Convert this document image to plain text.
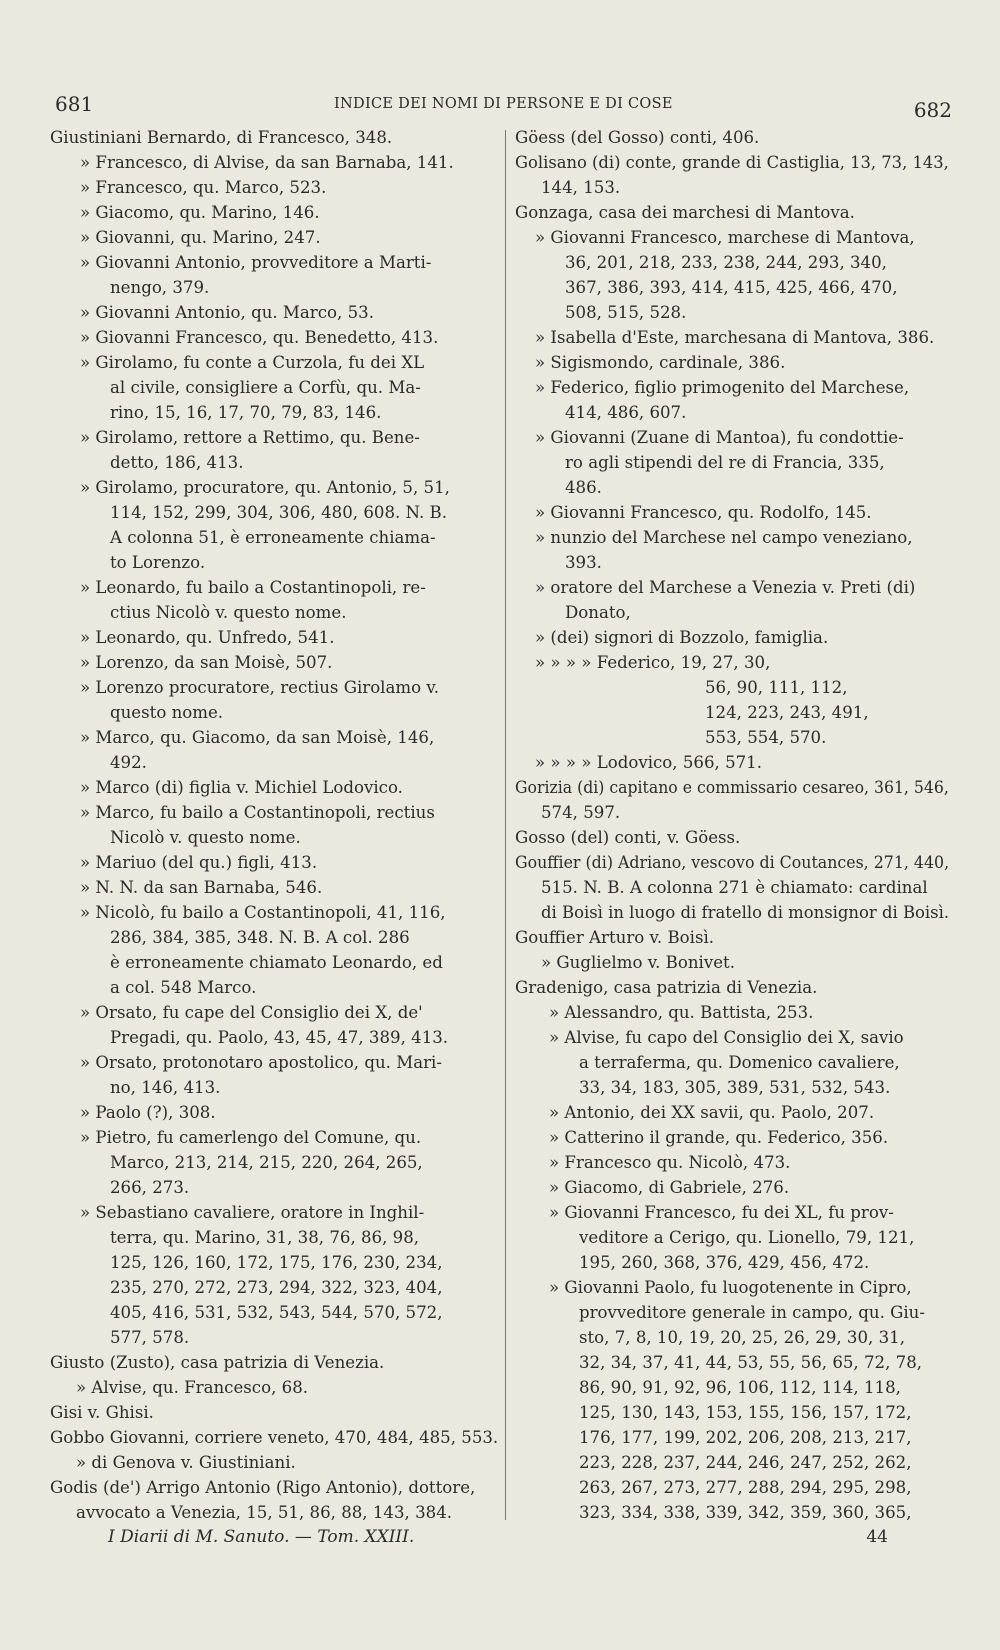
681	INDICE DEI NOMI DI PERSONE E DI COSE	682
Giustiniani Bernardo, di Francesco, 348.
» Francesco, di Alvise, da san Barnaba, 141.
» Francesco, qu. Marco, 523.
» Giacomo, qu. Marino, 146.
» Giovanni, qu. Marino, 247.
» Giovanni Antonio, provveditore a Marti-
nengo, 379.
» Giovanni Antonio, qu. Marco, 53.
» Giovanni Francesco, qu. Benedetto, 413.
» Girolamo, fu conte a Curzola, fu dei XL
al civile, consigliere a Corfù, qu. Ma-
rino, 15, 16, 17, 70, 79, 83, 146.
» Girolamo, rettore a Rettimo, qu. Bene-
detto, 186, 413.
» Girolamo, procuratore, qu. Antonio, 5, 51,
114, 152, 299, 304, 306, 480, 608. N. B.
A colonna 51, è erroneamente chiama-
to Lorenzo.
» Leonardo, fu bailo a Costantinopoli, re-
ctius Nicolò v. questo nome.
» Leonardo, qu. Unfredo, 541.
» Lorenzo, da san Moisè, 507.
» Lorenzo procuratore, rectius Girolamo v.
questo nome.
» Marco, qu. Giacomo, da san Moisè, 146,
492.
» Marco (di) figlia v. Michiel Lodovico.
» Marco, fu bailo a Costantinopoli, rectius
Nicolò v. questo nome.
» Mariuo (del qu.) figli, 413.
» N. N. da san Barnaba, 546.
» Nicolò, fu bailo a Costantinopoli, 41, 116,
286, 384, 385, 348. N. B. A col. 286
è erroneamente chiamato Leonardo, ed
a col. 548 Marco.
» Orsato, fu cape del Consiglio dei X, de'
Pregadi, qu. Paolo, 43, 45, 47, 389, 413.
» Orsato, protonotaro apostolico, qu. Mari-
no, 146, 413.
» Paolo (?), 308.
» Pietro, fu camerlengo del Comune, qu.
Marco, 213, 214, 215, 220, 264, 265,
266, 273.
» Sebastiano cavaliere, oratore in Inghil-
terra, qu. Marino, 31, 38, 76, 86, 98,
125, 126, 160, 172, 175, 176, 230, 234,
235, 270, 272, 273, 294, 322, 323, 404,
405, 416, 531, 532, 543, 544, 570, 572,
577, 578.
Giusto (Zusto), casa patrizia di Venezia.
» Alvise, qu. Francesco, 68.
Gisi v. Ghisi.
Gobbo Giovanni, corriere veneto, 470, 484, 485, 553.
» di Genova v. Giustiniani.
Godis (de') Arrigo Antonio (Rigo Antonio), dottore,
avvocato a Venezia, 15, 51, 86, 88, 143, 384.
Göess (del Gosso) conti, 406.
Golisano (di) conte, grande di Castiglia, 13, 73, 143,
144, 153.
Gonzaga, casa dei marchesi di Mantova.
» Giovanni Francesco, marchese di Mantova,
36, 201, 218, 233, 238, 244, 293, 340,
367, 386, 393, 414, 415, 425, 466, 470,
508, 515, 528.
» Isabella d'Este, marchesana di Mantova, 386.
» Sigismondo, cardinale, 386.
» Federico, figlio primogenito del Marchese,
414, 486, 607.
» Giovanni (Zuane di Mantoa), fu condottie-
ro agli stipendi del re di Francia, 335,
486.
» Giovanni Francesco, qu. Rodolfo, 145.
» nunzio del Marchese nel campo veneziano,
393.
» oratore del Marchese a Venezia v. Preti (di)
Donato,
» (dei) signori di Bozzolo, famiglia.
» » » » Federico, 19, 27, 30,
56, 90, 111, 112,
124, 223, 243, 491,
553, 554, 570.
» » » » Lodovico, 566, 571.
Gorizia (di) capitano e commissario cesareo, 361, 546,
574, 597.
Gosso (del) conti, v. Göess.
Gouffier (di) Adriano, vescovo di Coutances, 271, 440,
515. N. B. A colonna 271 è chiamato: cardinal
di Boisì in luogo di fratello di monsignor di Boisì.
Gouffier Arturo v. Boisì.
» Guglielmo v. Bonivet.
Gradenigo, casa patrizia di Venezia.
» Alessandro, qu. Battista, 253.
» Alvise, fu capo del Consiglio dei X, savio
a terraferma, qu. Domenico cavaliere,
33, 34, 183, 305, 389, 531, 532, 543.
» Antonio, dei XX savii, qu. Paolo, 207.
» Catterino il grande, qu. Federico, 356.
» Francesco qu. Nicolò, 473.
» Giacomo, di Gabriele, 276.
» Giovanni Francesco, fu dei XL, fu prov-
veditore a Cerigo, qu. Lionello, 79, 121,
195, 260, 368, 376, 429, 456, 472.
» Giovanni Paolo, fu luogotenente in Cipro,
provveditore generale in campo, qu. Giu-
sto, 7, 8, 10, 19, 20, 25, 26, 29, 30, 31,
32, 34, 37, 41, 44, 53, 55, 56, 65, 72, 78,
86, 90, 91, 92, 96, 106, 112, 114, 118,
125, 130, 143, 153, 155, 156, 157, 172,
176, 177, 199, 202, 206, 208, 213, 217,
223, 228, 237, 244, 246, 247, 252, 262,
263, 267, 273, 277, 288, 294, 295, 298,
323, 334, 338, 339, 342, 359, 360, 365,
I Diarii di M. Sanuto. — Tom. XXIII.	44
